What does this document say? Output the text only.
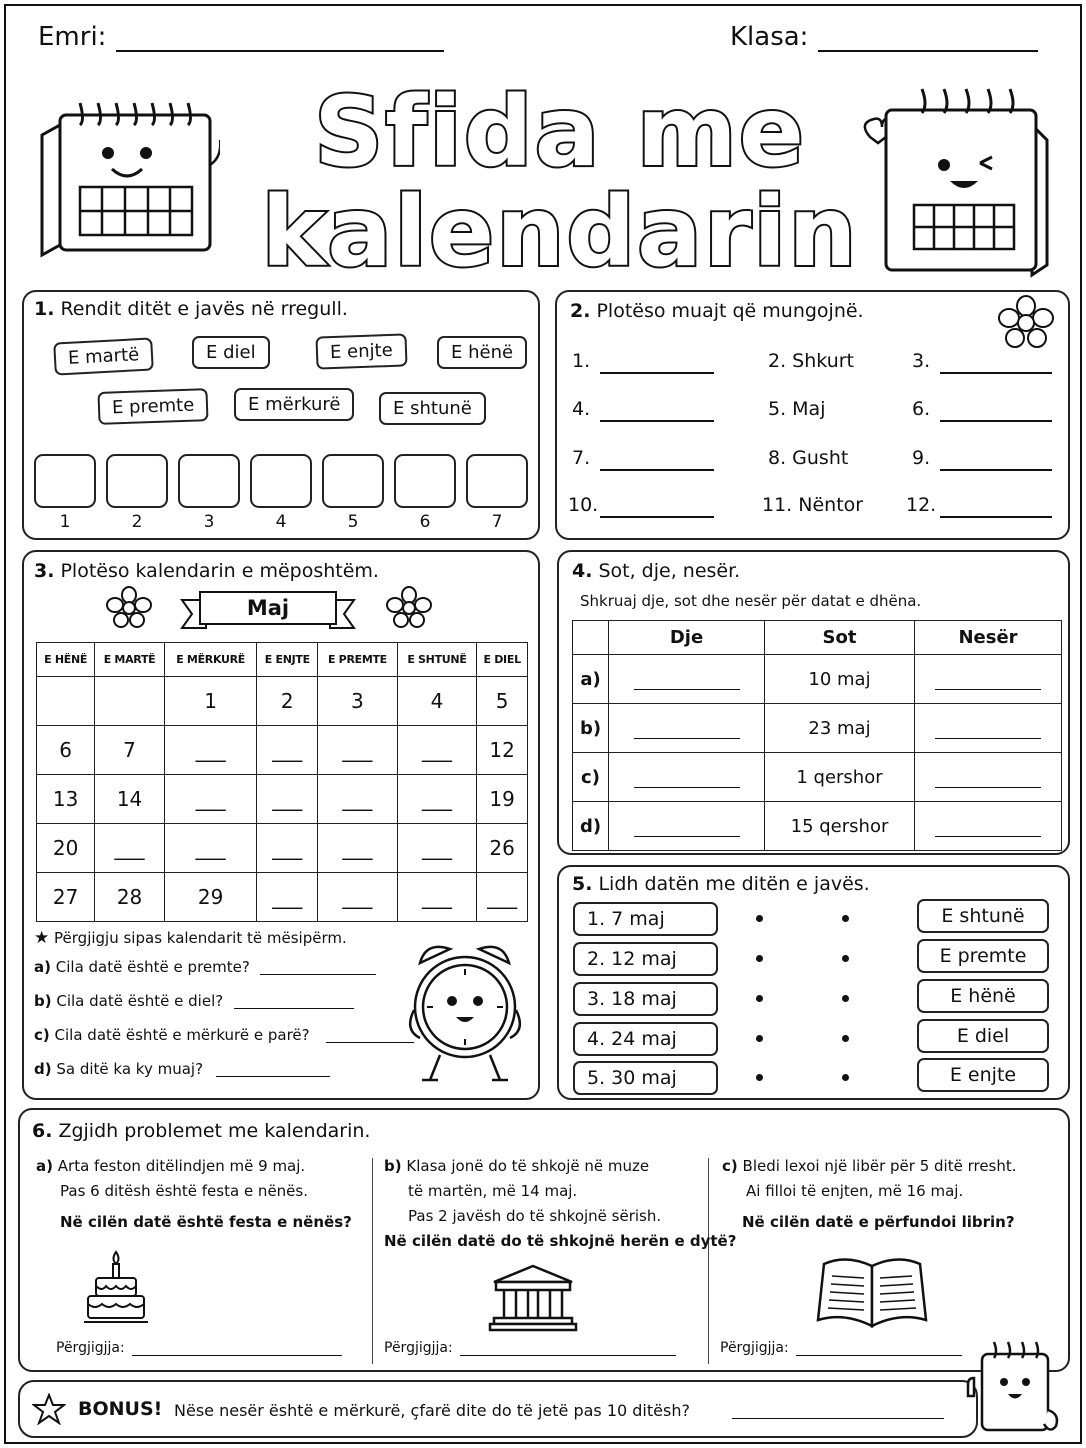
Emri:	Klasa:
Sfida me
kalendarin
1. Rendit ditët e javës në rregull.
E martë	E diel	E enjte	E hënë
E premte	E mërkurë	E shtunë
1	2	3	4	5	6	7
2. Plotëso muajt që mungojnë.
1.	2. Shkurt	3.
4.	5. Maj	6.
7.	8. Gusht	9.
10.	11. Nëntor 12.
3. Plotëso kalendarin e mëposhtëm.
Maj
E HËNË	E MARTË	E MËRKURË	E ENJTE	E PREMTE	E SHTUNË	E DIEL
		1	2	3	4	5
6	7	___	___	___	___	12
13	14	___	___	___	___	19
20	___	___	___	___	___	26
27	28	29	___	___	___	___
★ Përgjigju sipas kalendarit të mësipërm.
a) Cila datë është e premte?
b) Cila datë është e diel?
c) Cila datë është e mërkurë e parë?
d) Sa ditë ka ky muaj?
4. Sot, dje, nesër.
Shkruaj dje, sot dhe nesër për datat e dhëna.
	Dje	Sot	Nesër
a)		10 maj	
b)		23 maj	
c)		1 qershor	
d)		15 qershor	
5. Lidh datën me ditën e javës.
1. 7 maj
2. 12 maj
3. 18 maj
4. 24 maj
5. 30 maj
E shtunë
E premte
E hënë
E diel
E enjte
6. Zgjidh problemet me kalendarin.
a) Arta feston ditëlindjen më 9 maj.
Pas 6 ditësh është festa e nënës.
Në cilën datë është festa e nënës?
b) Klasa jonë do të shkojë në muze
të martën, më 14 maj.
Pas 2 javësh do të shkojnë sërish.
Në cilën datë do të shkojnë herën e dytë?
c) Bledi lexoi një libër për 5 ditë rresht.
Ai filloi të enjten, më 16 maj.
Në cilën datë e përfundoi librin?
Përgjigjja:	Përgjigjja:	Përgjigjja:
BONUS! Nëse nesër është e mërkurë, çfarë dite do të jetë pas 10 ditësh?
